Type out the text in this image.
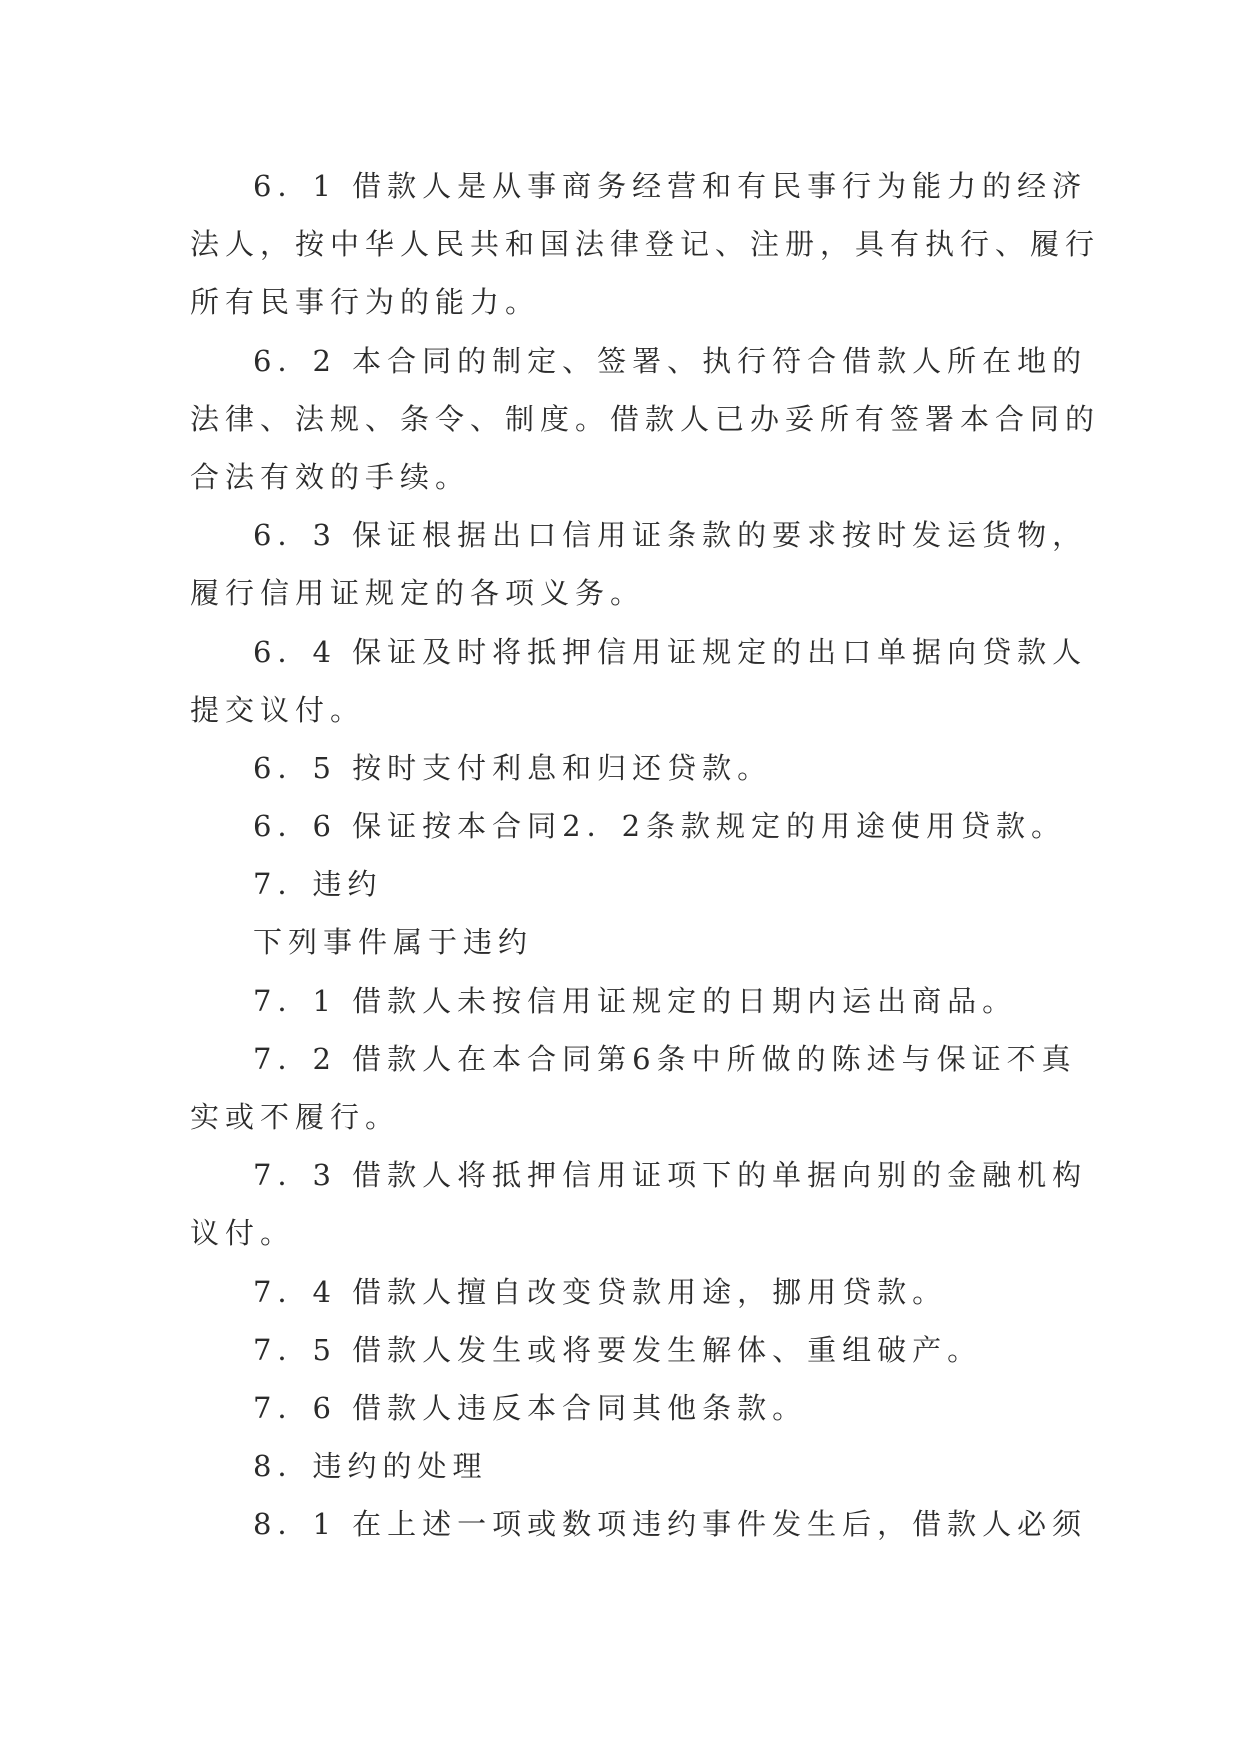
6．1 借款人是从事商务经营和有民事行为能力的经济
法人，按中华人民共和国法律登记、注册，具有执行、履行
所有民事行为的能力。
6．2 本合同的制定、签署、执行符合借款人所在地的
法律、法规、条令、制度。借款人已办妥所有签署本合同的
合法有效的手续。
6．3 保证根据出口信用证条款的要求按时发运货物，
履行信用证规定的各项义务。
6．4 保证及时将抵押信用证规定的出口单据向贷款人
提交议付。
6．5 按时支付利息和归还贷款。
6．6 保证按本合同2．2条款规定的用途使用贷款。
7．违约
下列事件属于违约
7．1 借款人未按信用证规定的日期内运出商品。
7．2 借款人在本合同第6条中所做的陈述与保证不真
实或不履行。
7．3 借款人将抵押信用证项下的单据向别的金融机构
议付。
7．4 借款人擅自改变贷款用途，挪用贷款。
7．5 借款人发生或将要发生解体、重组破产。
7．6 借款人违反本合同其他条款。
8．违约的处理
8．1 在上述一项或数项违约事件发生后，借款人必须
